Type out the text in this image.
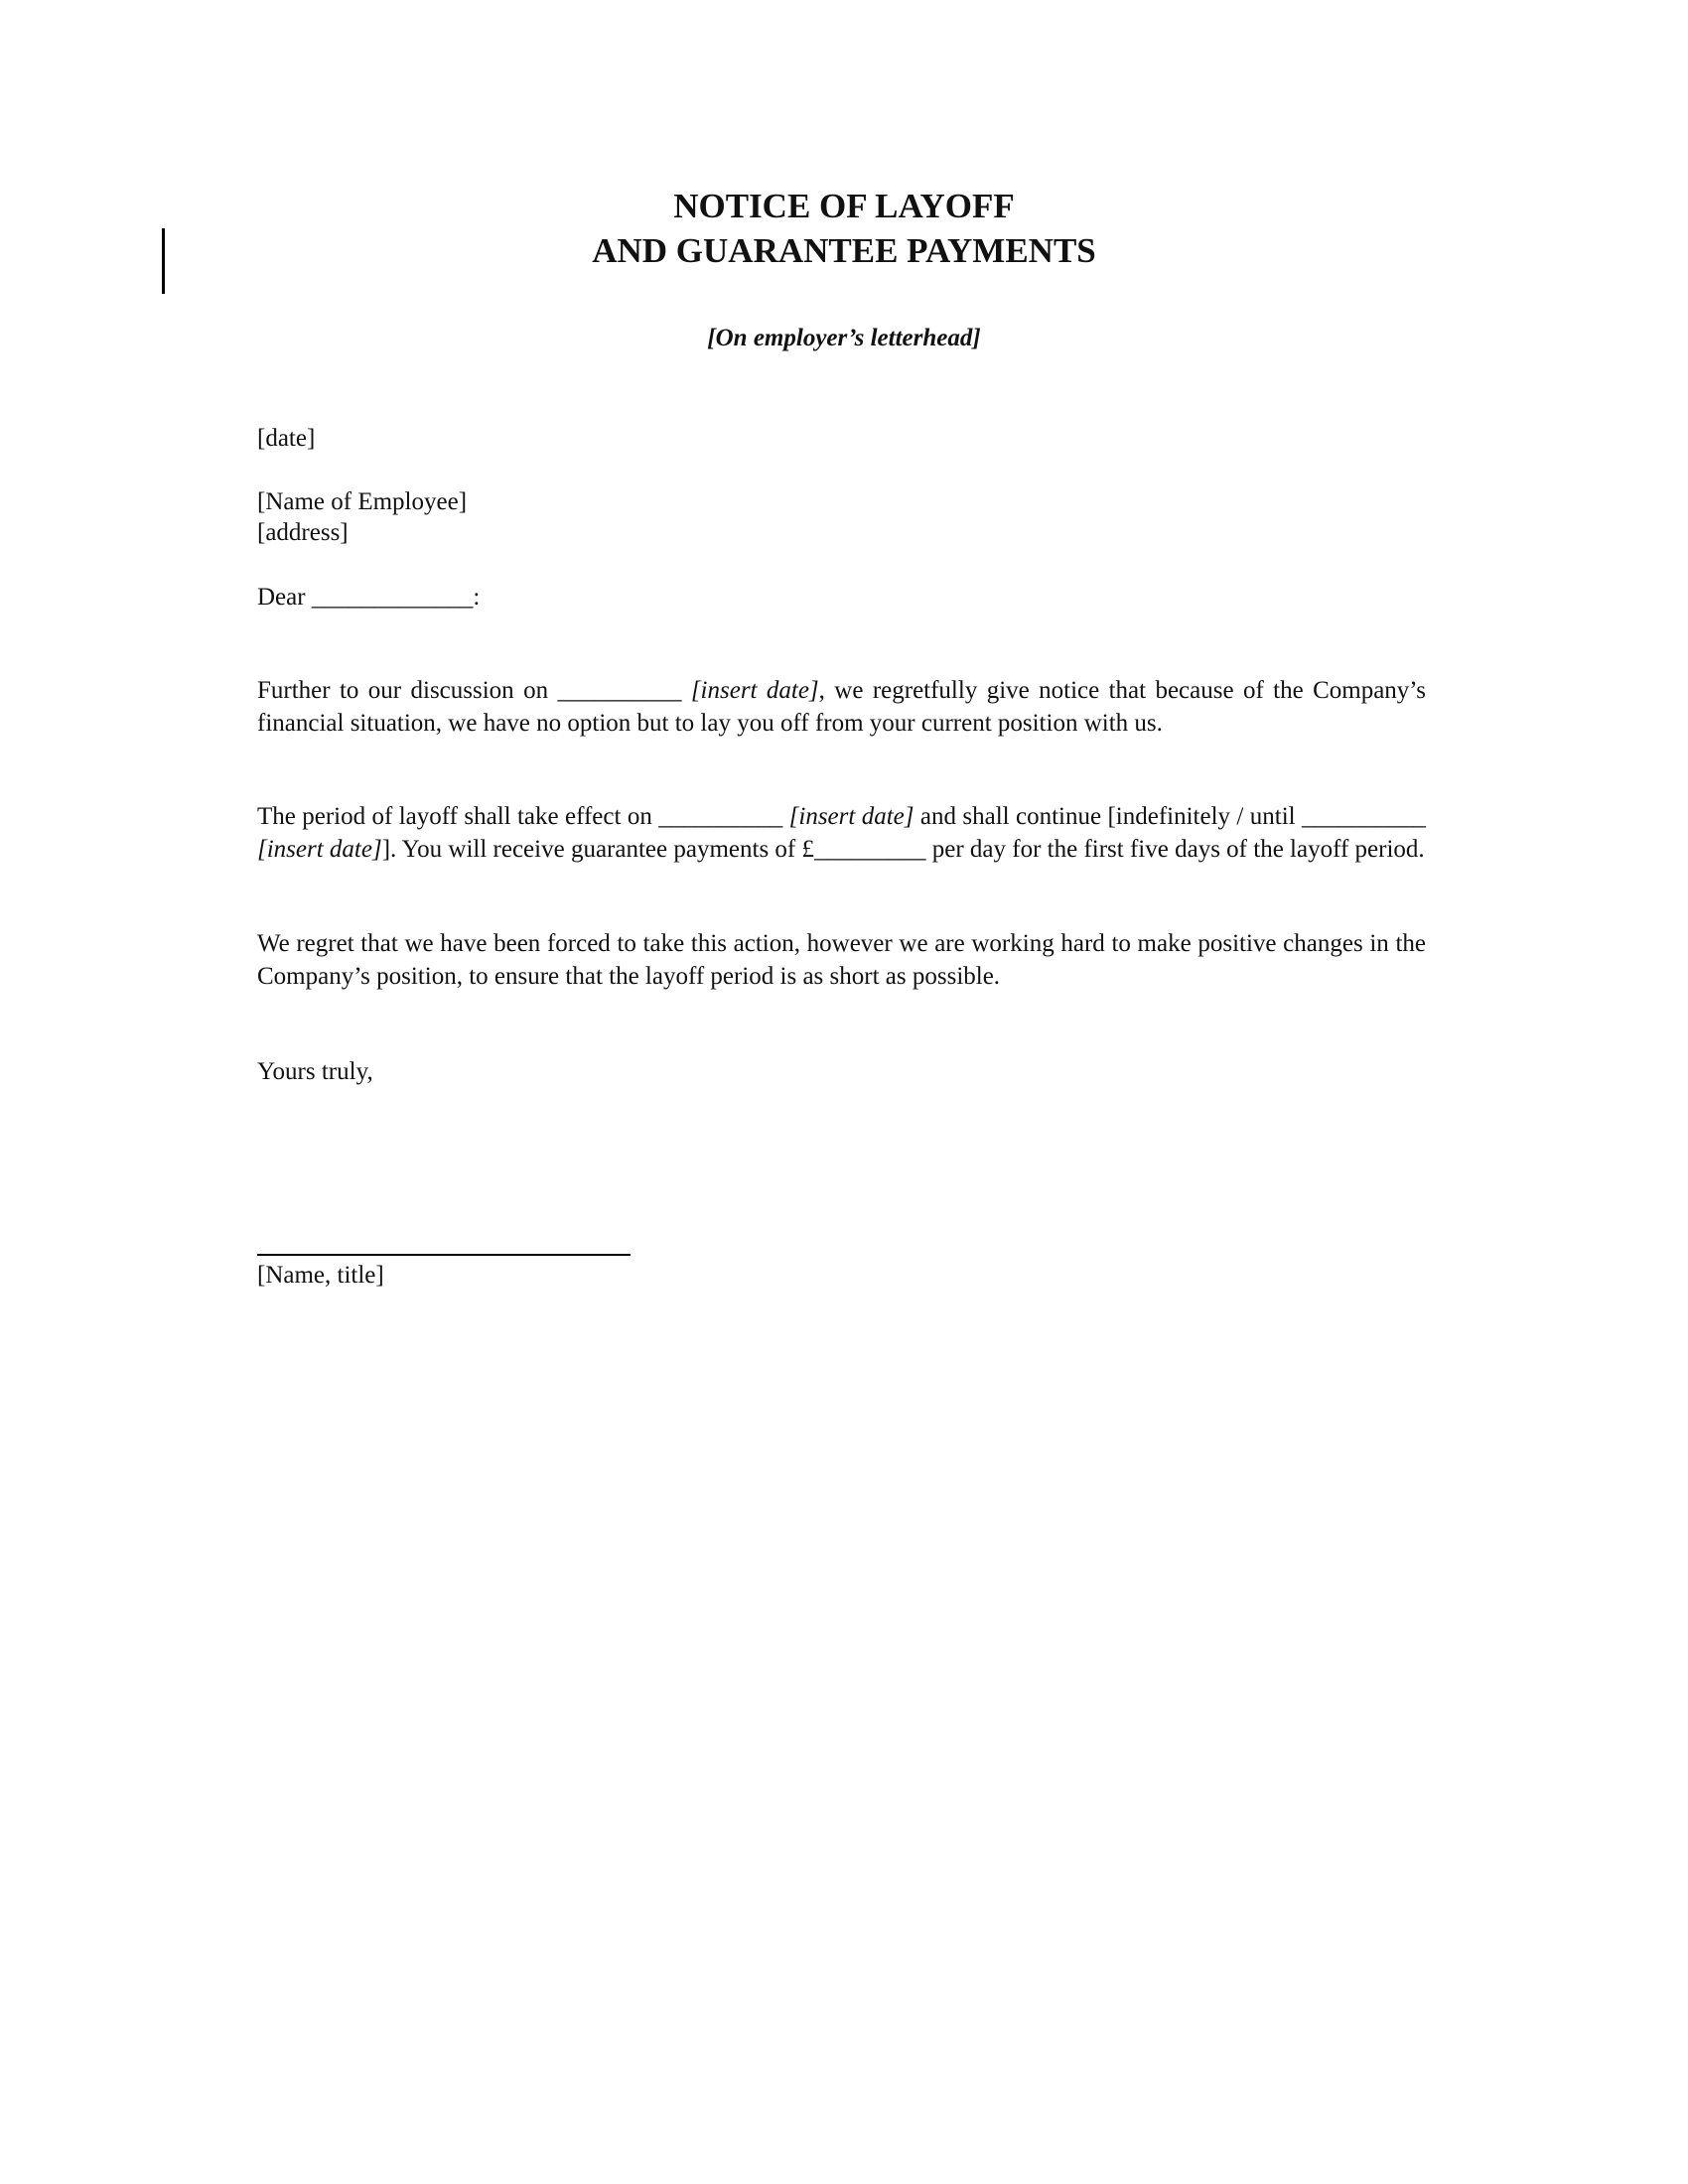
NOTICE OF LAYOFF
AND GUARANTEE PAYMENTS
[On employer’s letterhead]
[date]
[Name of Employee]
[address]
Dear _____________:
Further to our discussion on __________ [insert date], we regretfully give notice that because of the Company’s financial situation, we have no option but to lay you off from your current position with us.
The period of layoff shall take effect on __________ [insert date] and shall continue [indefinitely / until __________ [insert date]]. You will receive guarantee payments of £_________ per day for the first five days of the layoff period.
We regret that we have been forced to take this action, however we are working hard to make positive changes in the Company’s position, to ensure that the layoff period is as short as possible.
Yours truly,
[Name, title]
